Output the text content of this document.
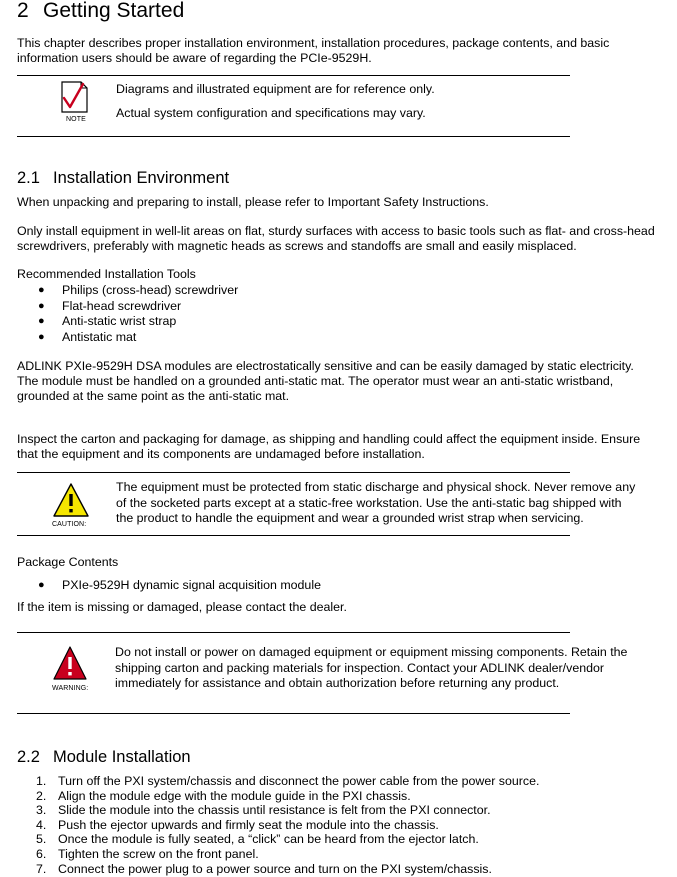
2 Getting Started

This chapter describes proper installation environment, installation procedures, package contents, and basic information users should be aware of regarding the PCIe-9529H.

NOTE
Diagrams and illustrated equipment are for reference only.
Actual system configuration and specifications may vary.
2.1 Installation Environment

When unpacking and preparing to install, please refer to Important Safety Instructions.

Only install equipment in well-lit areas on flat, sturdy surfaces with access to basic tools such as flat- and cross-head screwdrivers, preferably with magnetic heads as screws and standoffs are small and easily misplaced.

Recommended Installation Tools
● Philips (cross-head) screwdriver
● Flat-head screwdriver
● Anti-static wrist strap
● Antistatic mat

ADLINK PXIe-9529H DSA modules are electrostatically sensitive and can be easily damaged by static electricity. The module must be handled on a grounded anti-static mat. The operator must wear an anti-static wristband, grounded at the same point as the anti-static mat.

Inspect the carton and packaging for damage, as shipping and handling could affect the equipment inside. Ensure that the equipment and its components are undamaged before installation.

CAUTION:

The equipment must be protected from static discharge and physical shock. Never remove any of the socketed parts except at a static-free workstation. Use the anti-static bag shipped with the product to handle the equipment and wear a grounded wrist strap when servicing.

Package Contents
● PXIe-9529H dynamic signal acquisition module
If the item is missing or damaged, please contact the dealer.
WARNING:

Do not install or power on damaged equipment or equipment missing components. Retain the shipping carton and packing materials for inspection. Contact your ADLINK dealer/vendor immediately for assistance and obtain authorization before returning any product.

2.2 Module Installation
1. Turn off the PXI system/chassis and disconnect the power cable from the power source.
2. Align the module edge with the module guide in the PXI chassis.
3. Slide the module into the chassis until resistance is felt from the PXI connector.
4. Push the ejector upwards and firmly seat the module into the chassis.
5. Once the module is fully seated, a “click” can be heard from the ejector latch.
6. Tighten the screw on the front panel.
7. Connect the power plug to a power source and turn on the PXI system/chassis.
